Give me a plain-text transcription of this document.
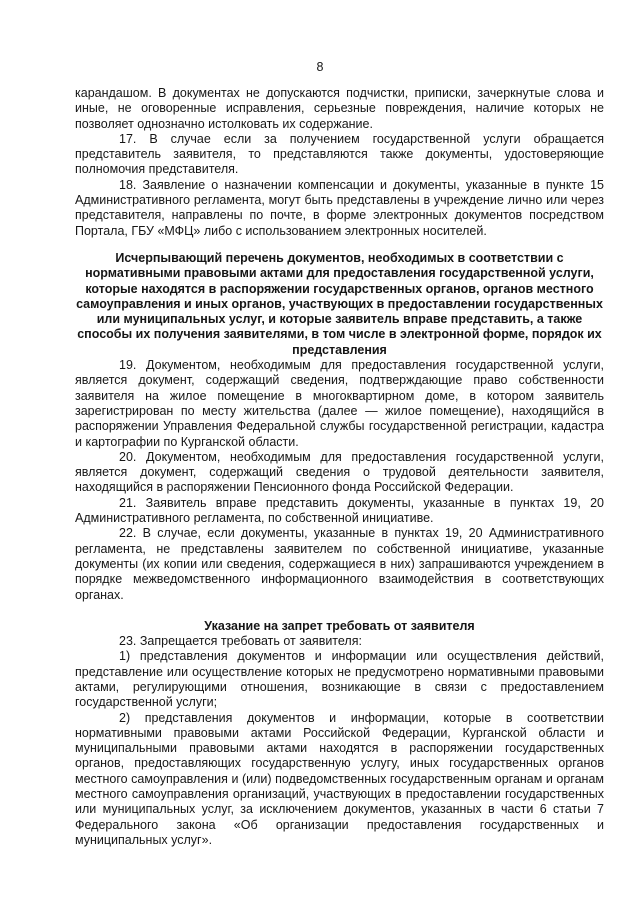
8

карандашом. В документах не допускаются подчистки, приписки, зачеркнутые слова и иные, не оговоренные исправления, серьезные повреждения, наличие которых не позволяет однозначно истолковать их содержание.

17. В случае если за получением государственной услуги обращается представитель заявителя, то представляются также документы, удостоверяющие полномочия представителя.

18. Заявление о назначении компенсации и документы, указанные в пункте 15 Административного регламента, могут быть представлены в учреждение лично или через представителя, направлены по почте, в форме электронных документов посредством Портала, ГБУ «МФЦ» либо с использованием электронных носителей.

Исчерпывающий перечень документов, необходимых в соответствии с нормативными правовыми актами для предоставления государственной услуги, которые находятся в распоряжении государственных органов, органов местного самоуправления и иных органов, участвующих в предоставлении государственных или муниципальных услуг, и которые заявитель вправе представить, а также способы их получения заявителями, в том числе в электронной форме, порядок их представления

19. Документом, необходимым для предоставления государственной услуги, является документ, содержащий сведения, подтверждающие право собственности заявителя на жилое помещение в многоквартирном доме, в котором заявитель зарегистрирован по месту жительства (далее — жилое помещение), находящийся в распоряжении Управления Федеральной службы государственной регистрации, кадастра и картографии по Курганской области.

20. Документом, необходимым для предоставления государственной услуги, является документ, содержащий сведения о трудовой деятельности заявителя, находящийся в распоряжении Пенсионного фонда Российской Федерации.

21. Заявитель вправе представить документы, указанные в пунктах 19, 20 Административного регламента, по собственной инициативе.

22. В случае, если документы, указанные в пунктах 19, 20 Административного регламента, не представлены заявителем по собственной инициативе, указанные документы (их копии или сведения, содержащиеся в них) запрашиваются учреждением в порядке межведомственного информационного взаимодействия в соответствующих органах.

Указание на запрет требовать от заявителя

23. Запрещается требовать от заявителя:

1) представления документов и информации или осуществления действий, представление или осуществление которых не предусмотрено нормативными правовыми актами, регулирующими отношения, возникающие в связи с предоставлением государственной услуги;

2) представления документов и информации, которые в соответствии нормативными правовыми актами Российской Федерации, Курганской области и муниципальными правовыми актами находятся в распоряжении государственных органов, предоставляющих государственную услугу, иных государственных органов местного самоуправления и (или) подведомственных государственным органам и органам местного самоуправления организаций, участвующих в предоставлении государственных или муниципальных услуг, за исключением документов, указанных в части 6 статьи 7 Федерального закона «Об организации предоставления государственных и муниципальных услуг».
